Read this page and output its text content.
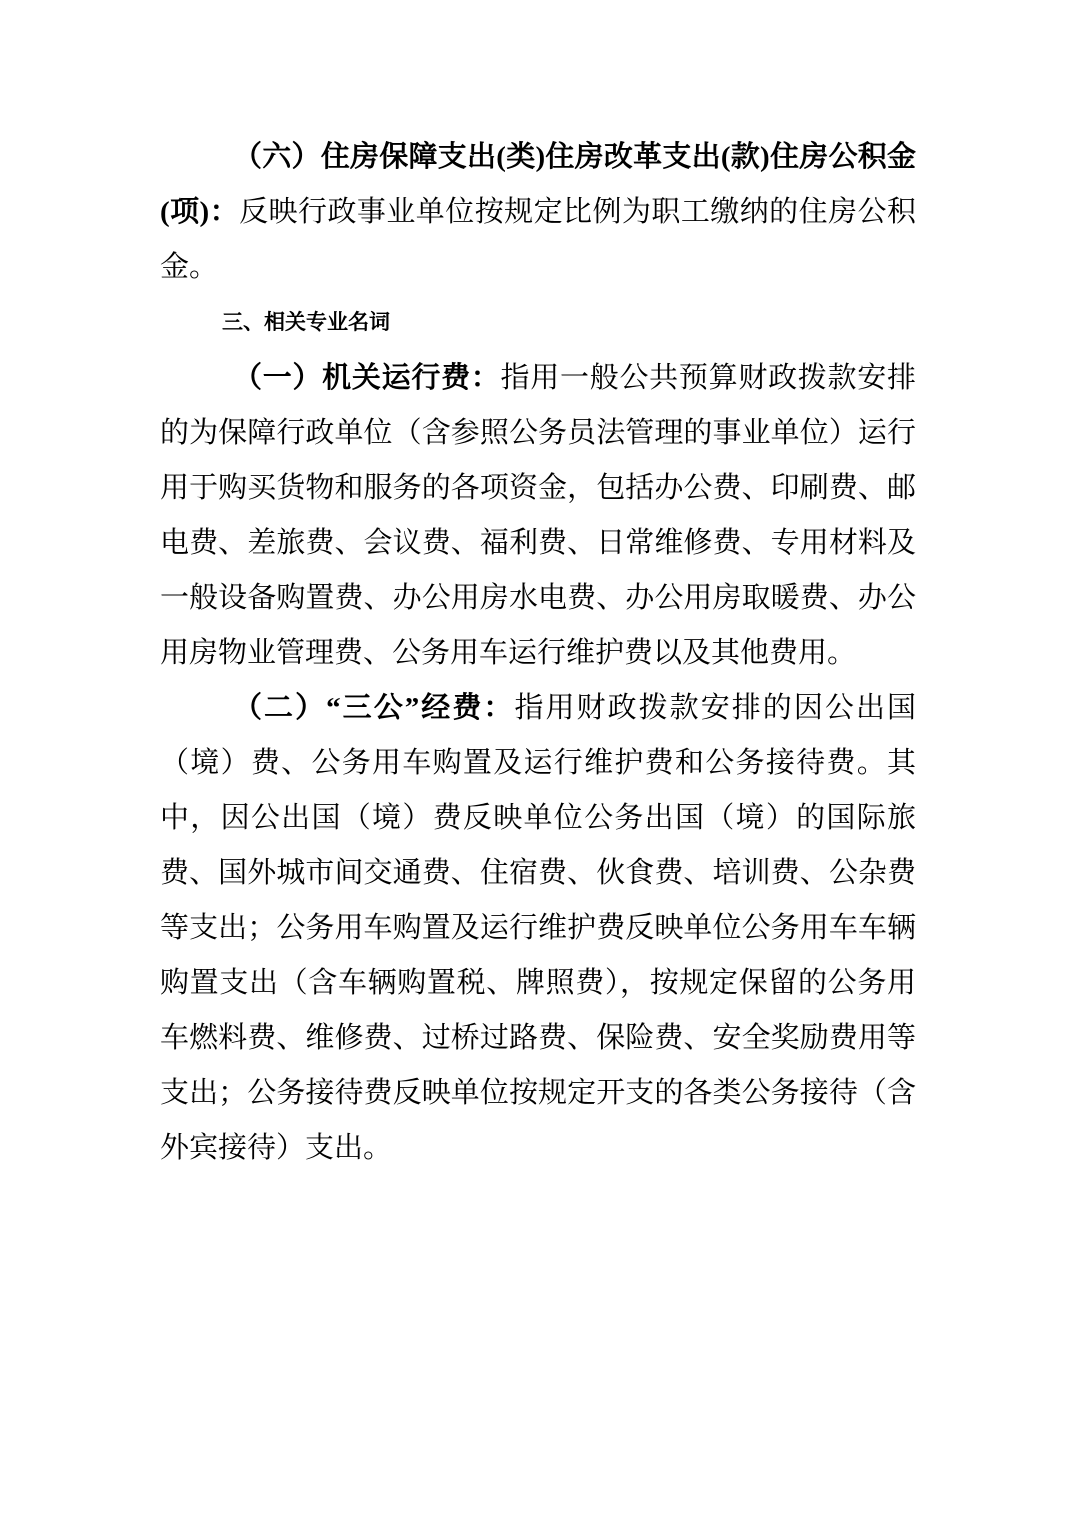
（六）住房保障支出(类)住房改革支出(款)住房公积金(项)：反映行政事业单位按规定比例为职工缴纳的住房公积金。

三、相关专业名词

（一）机关运行费：指用一般公共预算财政拨款安排的为保障行政单位（含参照公务员法管理的事业单位）运行用于购买货物和服务的各项资金，包括办公费、印刷费、邮电费、差旅费、会议费、福利费、日常维修费、专用材料及一般设备购置费、办公用房水电费、办公用房取暖费、办公用房物业管理费、公务用车运行维护费以及其他费用。

（二）“三公”经费：指用财政拨款安排的因公出国（境）费、公务用车购置及运行维护费和公务接待费。其中，因公出国（境）费反映单位公务出国（境）的国际旅费、国外城市间交通费、住宿费、伙食费、培训费、公杂费等支出；公务用车购置及运行维护费反映单位公务用车车辆购置支出（含车辆购置税、牌照费），按规定保留的公务用车燃料费、维修费、过桥过路费、保险费、安全奖励费用等支出；公务接待费反映单位按规定开支的各类公务接待（含外宾接待）支出。
